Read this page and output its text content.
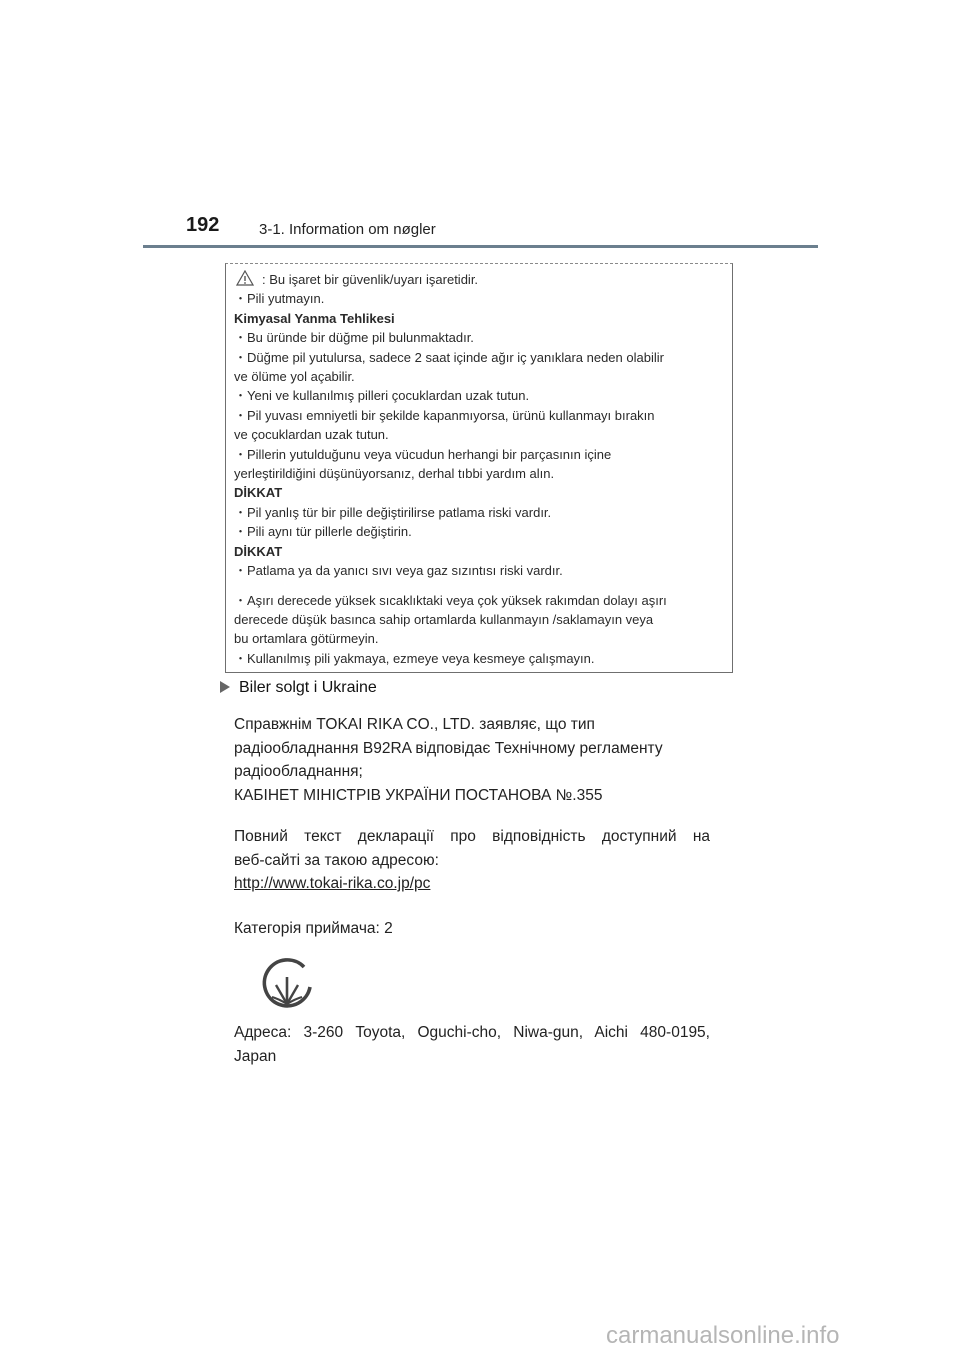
192	3-1. Information om nøgler
: Bu işaret bir güvenlik/uyarı işaretidir.
・Pili yutmayın.
Kimyasal Yanma Tehlikesi
・Bu üründe bir düğme pil bulunmaktadır.
・Düğme pil yutulursa, sadece 2 saat içinde ağır iç yanıklara neden olabilir
ve ölüme yol açabilir.
・Yeni ve kullanılmış pilleri çocuklardan uzak tutun.
・Pil yuvası emniyetli bir şekilde kapanmıyorsa, ürünü kullanmayı bırakın
ve çocuklardan uzak tutun.
・Pillerin yutulduğunu veya vücudun herhangi bir parçasının içine
yerleştirildiğini düşünüyorsanız, derhal tıbbi yardım alın.
DİKKAT
・Pil yanlış tür bir pille değiştirilirse patlama riski vardır.
・Pili aynı tür pillerle değiştirin.
DİKKAT
・Patlama ya da yanıcı sıvı veya gaz sızıntısı riski vardır.
・Aşırı derecede yüksek sıcaklıktaki veya çok yüksek rakımdan dolayı aşırı
derecede düşük basınca sahip ortamlarda kullanmayın /saklamayın veya
bu ortamlara götürmeyin.
・Kullanılmış pili yakmaya, ezmeye veya kesmeye çalışmayın.
Biler solgt i Ukraine
Справжнім TOKAI RIKA CO., LTD. заявляє, що тип
радіообладнання B92RA відповідає Технічному регламенту
радіообладнання;
КАБІНЕТ МІНІСТРІВ УКРАЇНИ ПОСТАНОВА №.355
Повний текст декларації про відповідність доступний на
веб-сайті за такою адресою:
http://www.tokai-rika.co.jp/pc
Категорія приймача: 2
Адреса: 3-260 Toyota, Oguchi-cho, Niwa-gun, Aichi 480-0195,
Japan
carmanualsonline.info
